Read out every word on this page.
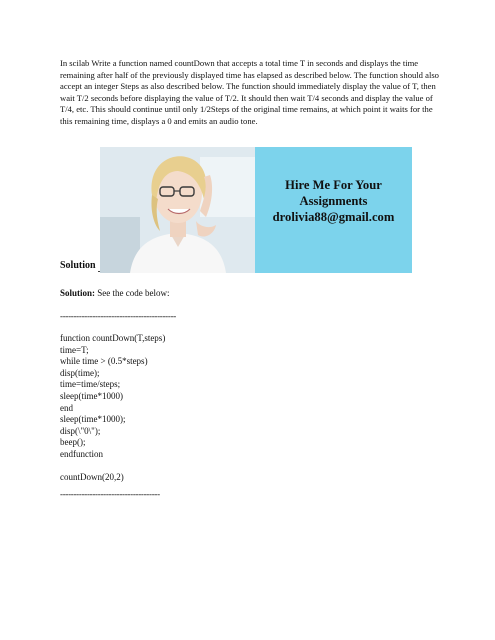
In scilab Write a function named countDown that accepts a total time T in seconds and displays the time remaining after half of the previously displayed time has elapsed as described below. The function should also accept an integer Steps as also described below. The function should immediately display the value of T, then wait T/2 seconds before displaying the value of T/2. It should then wait T/4 seconds and display the value of T/4, etc. This should continue until only 1/2Steps of the original time remains, at which point it waits for the this remaining time, displays a 0 and emits an audio tone.

Solution

Hire Me For Your
Assignments
drolivia88@gmail.com

Solution: See the code below:

-------------------------------------------

function countDown(T,steps)
time=T;
while time > (0.5*steps)
disp(time);
time=time/steps;
sleep(time*1000)
end
sleep(time*1000);
disp(\"0\");
beep();
endfunction
countDown(20,2)

-------------------------------------
